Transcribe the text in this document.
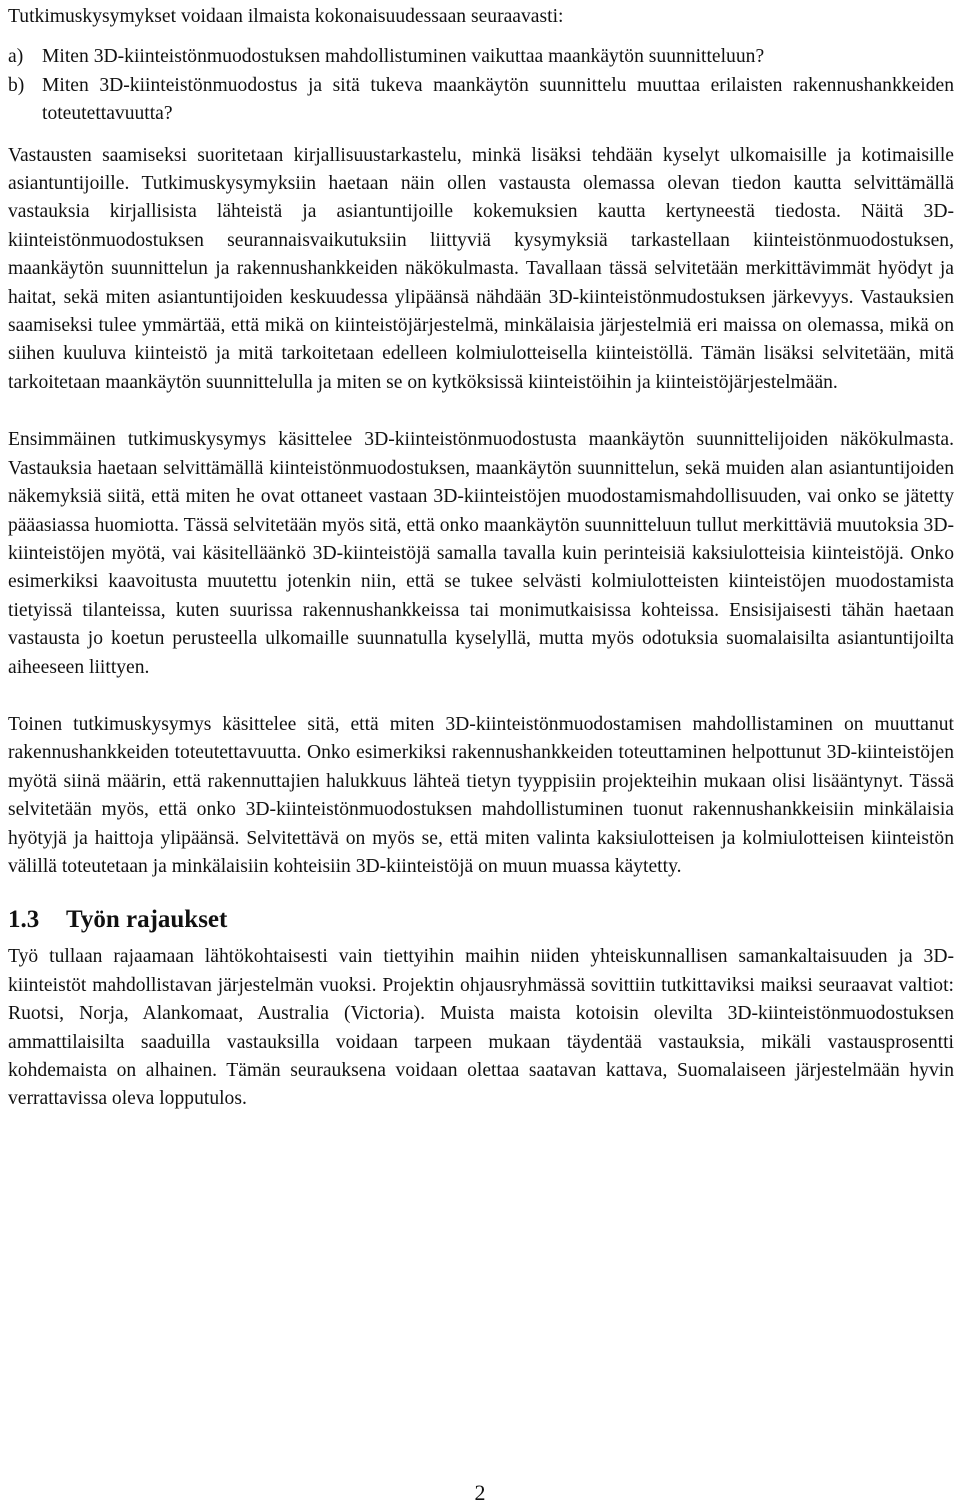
Tutkimuskysymykset voidaan ilmaista kokonaisuudessaan seuraavasti:

a) Miten 3D-kiinteistönmuodostuksen mahdollistuminen vaikuttaa maankäytön suunnitteluun?
b) Miten 3D-kiinteistönmuodostus ja sitä tukeva maankäytön suunnittelu muuttaa erilaisten rakennushankkeiden toteutettavuutta?

Vastausten saamiseksi suoritetaan kirjallisuustarkastelu, minkä lisäksi tehdään kyselyt ulkomaisille ja kotimaisille asiantuntijoille. Tutkimuskysymyksiin haetaan näin ollen vastausta olemassa olevan tiedon kautta selvittämällä vastauksia kirjallisista lähteistä ja asiantuntijoille kokemuksien kautta kertyneestä tiedosta. Näitä 3D-kiinteistönmuodostuksen seurannaisvaikutuksiin liittyviä kysymyksiä tarkastellaan kiinteistönmuodostuksen, maankäytön suunnittelun ja rakennushankkeiden näkökulmasta. Tavallaan tässä selvitetään merkittävimmät hyödyt ja haitat, sekä miten asiantuntijoiden keskuudessa ylipäänsä nähdään 3D-kiinteistönmudostuksen järkevyys. Vastauksien saamiseksi tulee ymmärtää, että mikä on kiinteistöjärjestelmä, minkälaisia järjestelmiä eri maissa on olemassa, mikä on siihen kuuluva kiinteistö ja mitä tarkoitetaan edelleen kolmiulotteisella kiinteistöllä. Tämän lisäksi selvitetään, mitä tarkoitetaan maankäytön suunnittelulla ja miten se on kytköksissä kiinteistöihin ja kiinteistöjärjestelmään.

Ensimmäinen tutkimuskysymys käsittelee 3D-kiinteistönmuodostusta maankäytön suunnittelijoiden näkökulmasta. Vastauksia haetaan selvittämällä kiinteistönmuodostuksen, maankäytön suunnittelun, sekä muiden alan asiantuntijoiden näkemyksiä siitä, että miten he ovat ottaneet vastaan 3D-kiinteistöjen muodostamismahdollisuuden, vai onko se jätetty pääasiassa huomiotta. Tässä selvitetään myös sitä, että onko maankäytön suunnitteluun tullut merkittäviä muutoksia 3D-kiinteistöjen myötä, vai käsitelläänkö 3D-kiinteistöjä samalla tavalla kuin perinteisiä kaksiulotteisia kiinteistöjä. Onko esimerkiksi kaavoitusta muutettu jotenkin niin, että se tukee selvästi kolmiulotteisten kiinteistöjen muodostamista tietyissä tilanteissa, kuten suurissa rakennushankkeissa tai monimutkaisissa kohteissa. Ensisijaisesti tähän haetaan vastausta jo koetun perusteella ulkomaille suunnatulla kyselyllä, mutta myös odotuksia suomalaisilta asiantuntijoilta aiheeseen liittyen.

Toinen tutkimuskysymys käsittelee sitä, että miten 3D-kiinteistönmuodostamisen mahdollistaminen on muuttanut rakennushankkeiden toteutettavuutta. Onko esimerkiksi rakennushankkeiden toteuttaminen helpottunut 3D-kiinteistöjen myötä siinä määrin, että rakennuttajien halukkuus lähteä tietyn tyyppisiin projekteihin mukaan olisi lisääntynyt. Tässä selvitetään myös, että onko 3D-kiinteistönmuodostuksen mahdollistuminen tuonut rakennushankkeisiin minkälaisia hyötyjä ja haittoja ylipäänsä. Selvitettävä on myös se, että miten valinta kaksiulotteisen ja kolmiulotteisen kiinteistön välillä toteutetaan ja minkälaisiin kohteisiin 3D-kiinteistöjä on muun muassa käytetty.

1.3 Työn rajaukset

Työ tullaan rajaamaan lähtökohtaisesti vain tiettyihin maihin niiden yhteiskunnallisen samankaltaisuuden ja 3D-kiinteistöt mahdollistavan järjestelmän vuoksi. Projektin ohjausryhmässä sovittiin tutkittaviksi maiksi seuraavat valtiot: Ruotsi, Norja, Alankomaat, Australia (Victoria). Muista maista kotoisin olevilta 3D-kiinteistönmuodostuksen ammattilaisilta saaduilla vastauksilla voidaan tarpeen mukaan täydentää vastauksia, mikäli vastausprosentti kohdemaista on alhainen. Tämän seurauksena voidaan olettaa saatavan kattava, Suomalaiseen järjestelmään hyvin verrattavissa oleva lopputulos.

2
